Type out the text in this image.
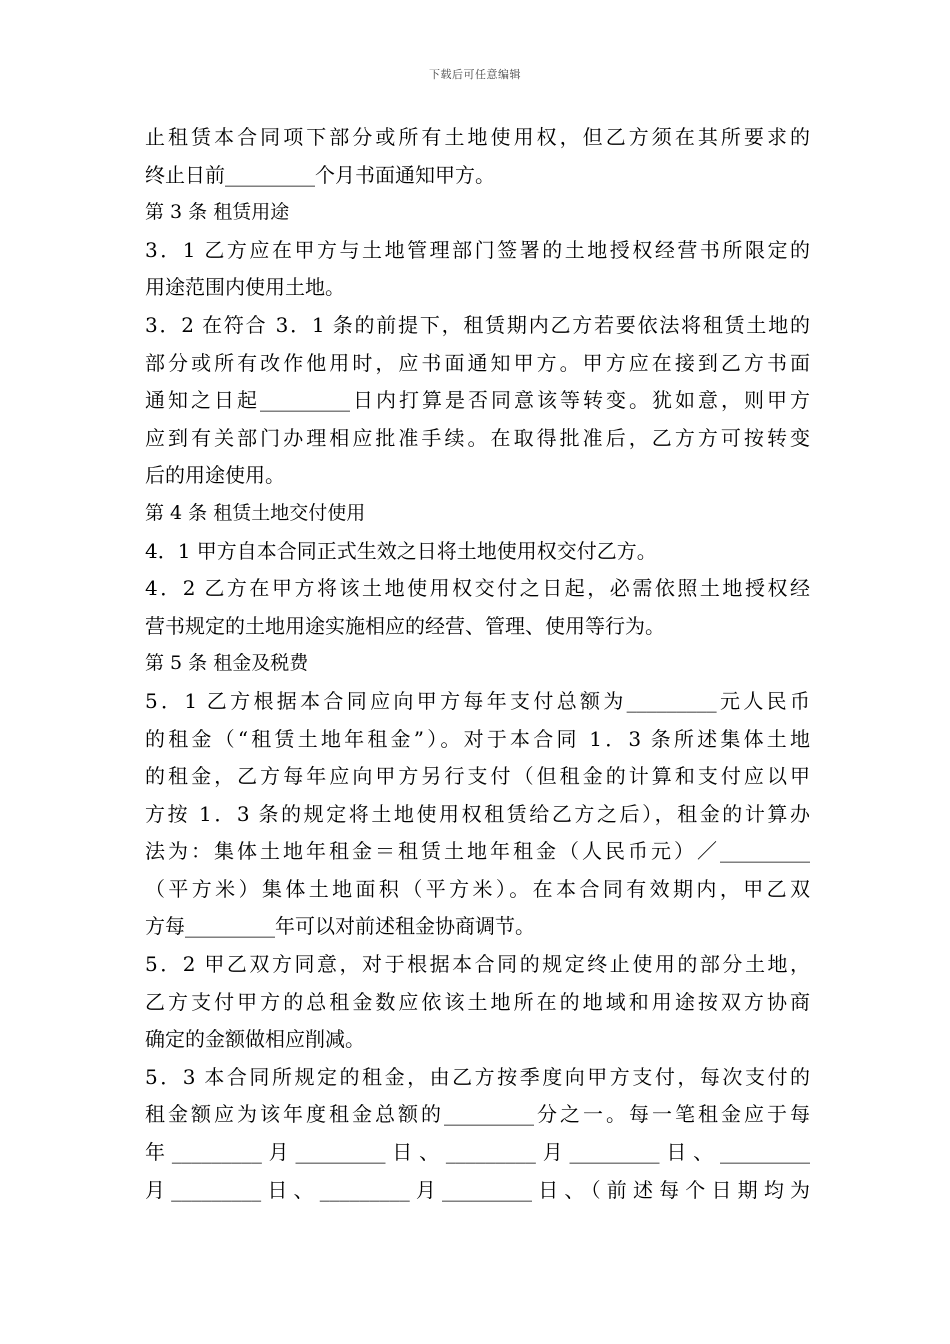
下载后可任意编辑
止租赁本合同项下部分或所有土地使用权，但乙方须在其所要求的
终止日前_________个月书面通知甲方。
第 3 条 租赁用途
3．1 乙方应在甲方与土地管理部门签署的土地授权经营书所限定的
用途范围内使用土地。
3．2 在符合 3．1 条的前提下，租赁期内乙方若要依法将租赁土地的
部分或所有改作他用时，应书面通知甲方。甲方应在接到乙方书面
通知之日起_________日内打算是否同意该等转变。犹如意，则甲方
应到有关部门办理相应批准手续。在取得批准后，乙方方可按转变
后的用途使用。
第 4 条 租赁土地交付使用
4．1 甲方自本合同正式生效之日将土地使用权交付乙方。
4．2 乙方在甲方将该土地使用权交付之日起，必需依照土地授权经
营书规定的土地用途实施相应的经营、管理、使用等行为。
第 5 条 租金及税费
5．1 乙方根据本合同应向甲方每年支付总额为_________元人民币
的租金（“租赁土地年租金”）。对于本合同 1．3 条所述集体土地
的租金，乙方每年应向甲方另行支付（但租金的计算和支付应以甲
方按 1．3 条的规定将土地使用权租赁给乙方之后），租金的计算办
法为：集体土地年租金＝租赁土地年租金（人民币元）／_________
（平方米）集体土地面积（平方米）。在本合同有效期内，甲乙双
方每_________年可以对前述租金协商调节。
5．2 甲乙双方同意，对于根据本合同的规定终止使用的部分土地，
乙方支付甲方的总租金数应依该土地所在的地域和用途按双方协商
确定的金额做相应削减。
5．3 本合同所规定的租金，由乙方按季度向甲方支付，每次支付的
租金额应为该年度租金总额的_________分之一。每一笔租金应于每
年_________月_________日、_________月_________日、_________
月_________日、_________月_________日、（前述每个日期均为
